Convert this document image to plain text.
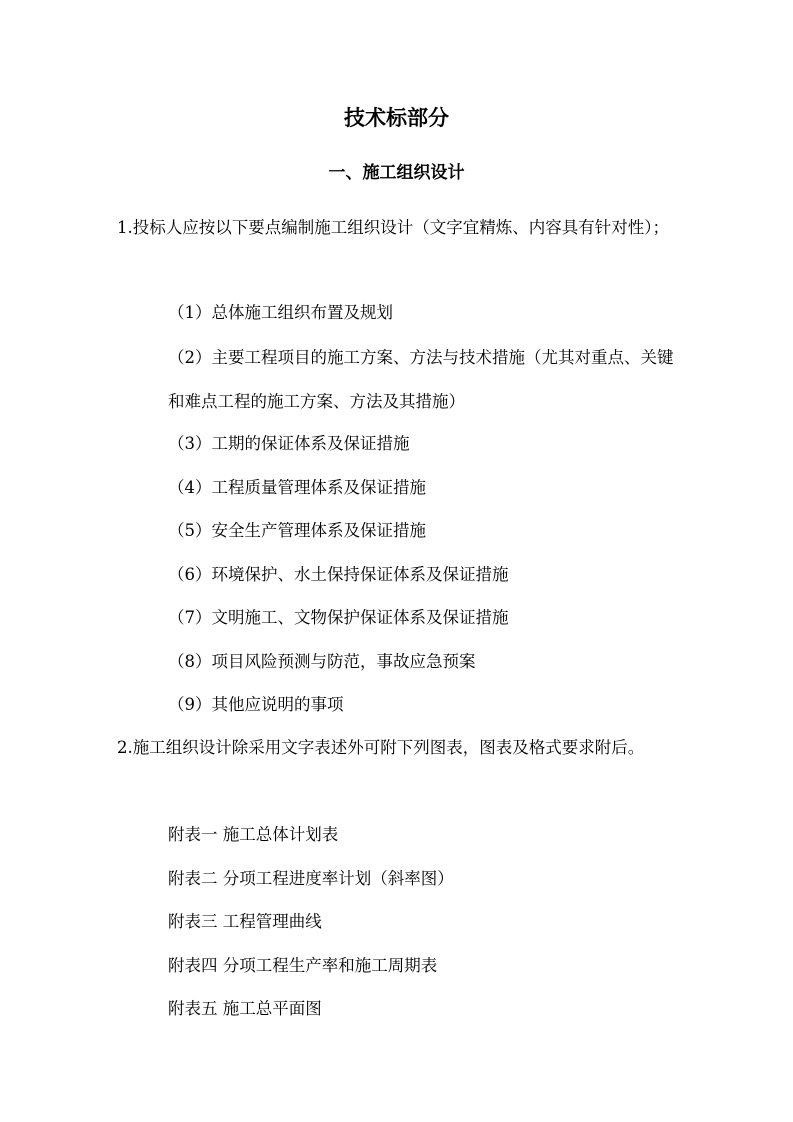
技术标部分
一、施工组织设计

1.投标人应按以下要点编制施工组织设计（文字宜精炼、内容具有针对性）；

（1）总体施工组织布置及规划
（2）主要工程项目的施工方案、方法与技术措施（尤其对重点、关键和难点工程的施工方案、方法及其措施）
（3）工期的保证体系及保证措施
（4）工程质量管理体系及保证措施
（5）安全生产管理体系及保证措施
（6）环境保护、水土保持保证体系及保证措施
（7）文明施工、文物保护保证体系及保证措施
（8）项目风险预测与防范，事故应急预案
（9）其他应说明的事项

2.施工组织设计除采用文字表述外可附下列图表，图表及格式要求附后。

附表一 施工总体计划表
附表二 分项工程进度率计划（斜率图）
附表三 工程管理曲线
附表四 分项工程生产率和施工周期表
附表五 施工总平面图
